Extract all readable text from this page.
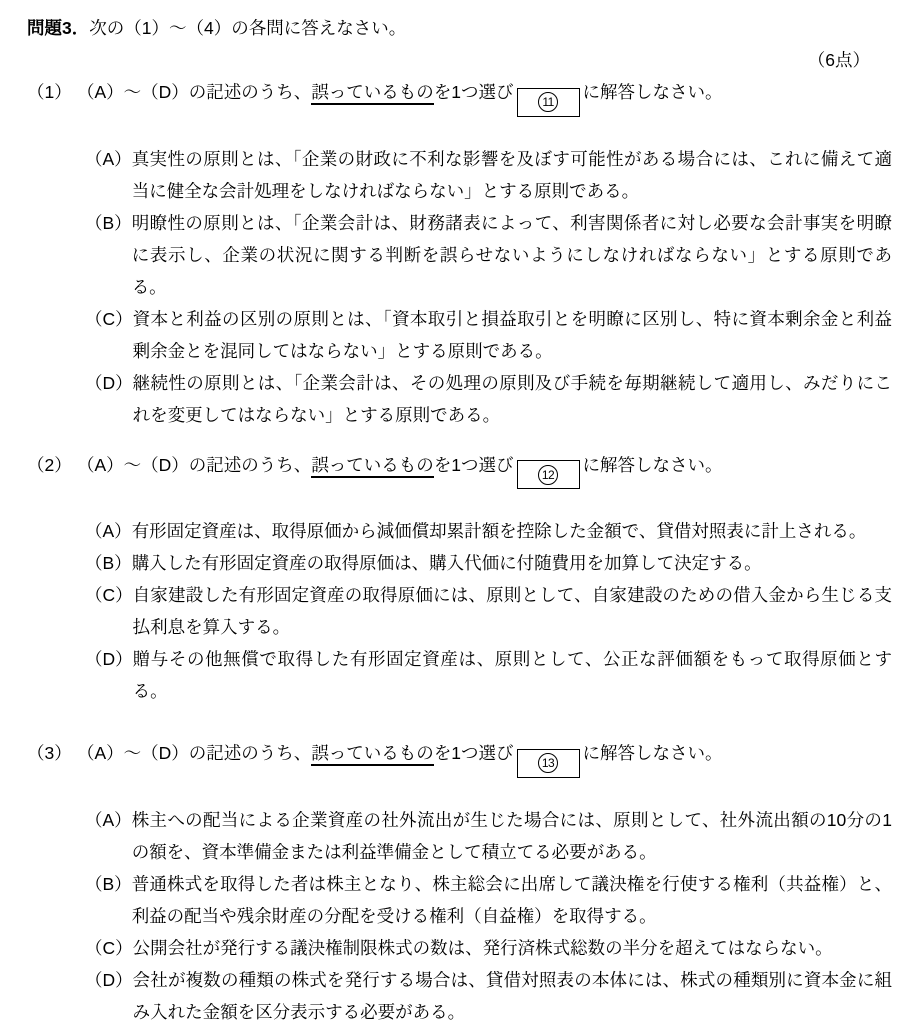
問題3．次の（1）～（4）の各問に答えなさい。
（6点）
（1） （A）～（D）の記述のうち、誤っているものを1つ選び	11 に解答しなさい。
（A） 真実性の原則とは、「企業の財政に不利な影響を及ぼす可能性がある場合には、これに備えて適当に健全な会計処理をしなければならない」とする原則である。
（B） 明瞭性の原則とは、「企業会計は、財務諸表によって、利害関係者に対し必要な会計事実を明瞭に表示し、企業の状況に関する判断を誤らせないようにしなければならない」とする原則である。
（C） 資本と利益の区別の原則とは、「資本取引と損益取引とを明瞭に区別し、特に資本剰余金と利益剰余金とを混同してはならない」とする原則である。
（D） 継続性の原則とは、「企業会計は、その処理の原則及び手続を毎期継続して適用し、みだりにこれを変更してはならない」とする原則である。
（2） （A）～（D）の記述のうち、誤っているものを1つ選び	12 に解答しなさい。
（A） 有形固定資産は、取得原価から減価償却累計額を控除した金額で、貸借対照表に計上される。
（B） 購入した有形固定資産の取得原価は、購入代価に付随費用を加算して決定する。
（C） 自家建設した有形固定資産の取得原価には、原則として、自家建設のための借入金から生じる支払利息を算入する。
（D） 贈与その他無償で取得した有形固定資産は、原則として、公正な評価額をもって取得原価とする。
（3） （A）～（D）の記述のうち、誤っているものを1つ選び	13 に解答しなさい。
（A） 株主への配当による企業資産の社外流出が生じた場合には、原則として、社外流出額の10分の1の額を、資本準備金または利益準備金として積立てる必要がある。
（B） 普通株式を取得した者は株主となり、株主総会に出席して議決権を行使する権利（共益権）と、利益の配当や残余財産の分配を受ける権利（自益権）を取得する。
（C） 公開会社が発行する議決権制限株式の数は、発行済株式総数の半分を超えてはならない。
（D） 会社が複数の種類の株式を発行する場合は、貸借対照表の本体には、株式の種類別に資本金に組み入れた金額を区分表示する必要がある。
